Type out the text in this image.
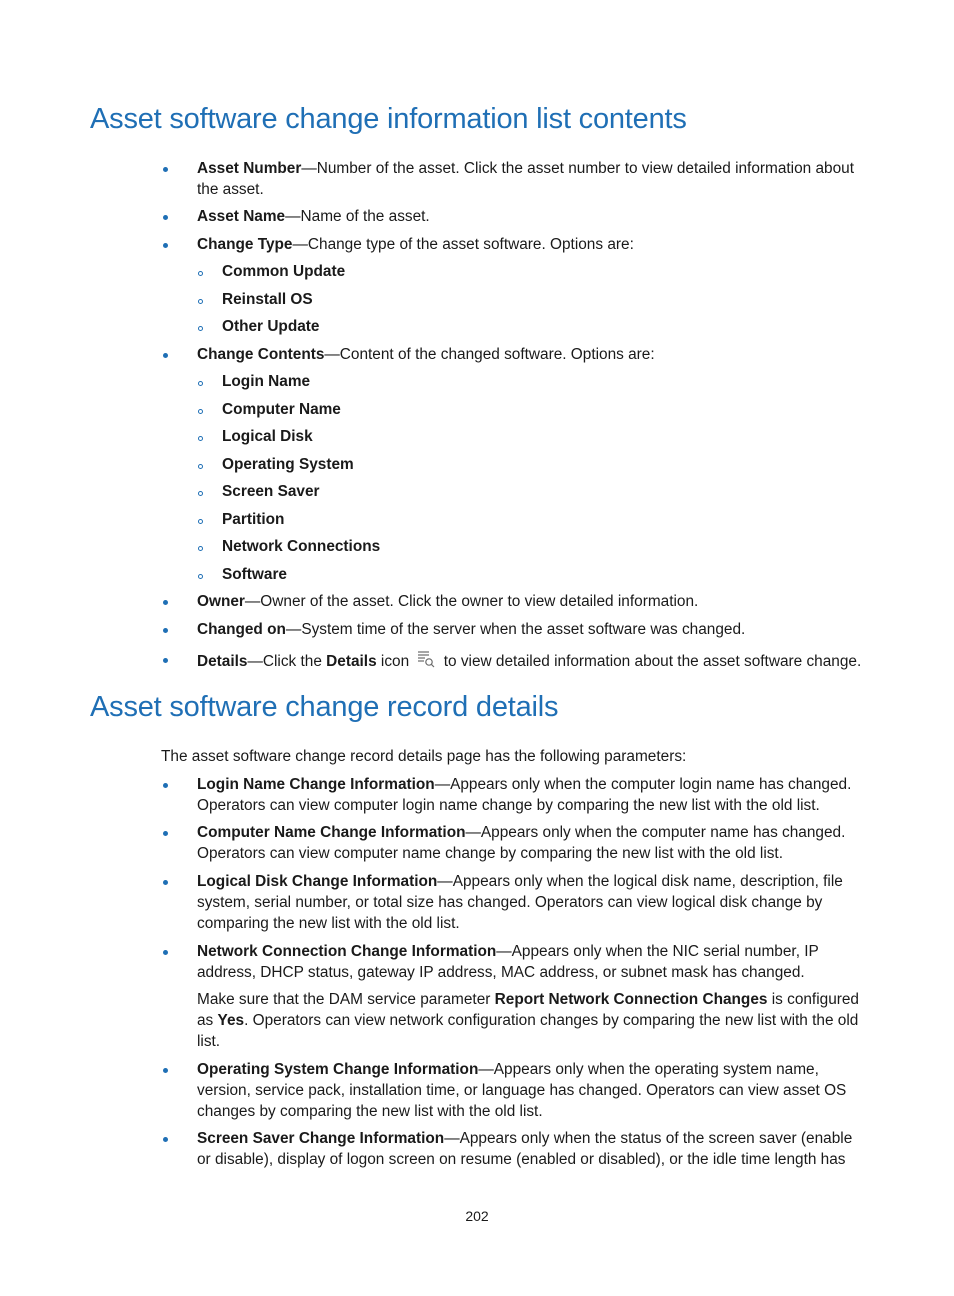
Asset software change information list contents
Asset Number—Number of the asset. Click the asset number to view detailed information about the asset.
Asset Name—Name of the asset.
Change Type—Change type of the asset software. Options are:
Common Update
Reinstall OS
Other Update
Change Contents—Content of the changed software. Options are:
Login Name
Computer Name
Logical Disk
Operating System
Screen Saver
Partition
Network Connections
Software
Owner—Owner of the asset. Click the owner to view detailed information.
Changed on—System time of the server when the asset software was changed.
Details—Click the Details icon  to view detailed information about the asset software change.
Asset software change record details
The asset software change record details page has the following parameters:
Login Name Change Information—Appears only when the computer login name has changed. Operators can view computer login name change by comparing the new list with the old list.
Computer Name Change Information—Appears only when the computer name has changed. Operators can view computer name change by comparing the new list with the old list.
Logical Disk Change Information—Appears only when the logical disk name, description, file system, serial number, or total size has changed. Operators can view logical disk change by comparing the new list with the old list.
Network Connection Change Information—Appears only when the NIC serial number, IP address, DHCP status, gateway IP address, MAC address, or subnet mask has changed.
Make sure that the DAM service parameter Report Network Connection Changes is configured as Yes. Operators can view network configuration changes by comparing the new list with the old list.
Operating System Change Information—Appears only when the operating system name, version, service pack, installation time, or language has changed. Operators can view asset OS changes by comparing the new list with the old list.
Screen Saver Change Information—Appears only when the status of the screen saver (enable or disable), display of logon screen on resume (enabled or disabled), or the idle time length has
202
